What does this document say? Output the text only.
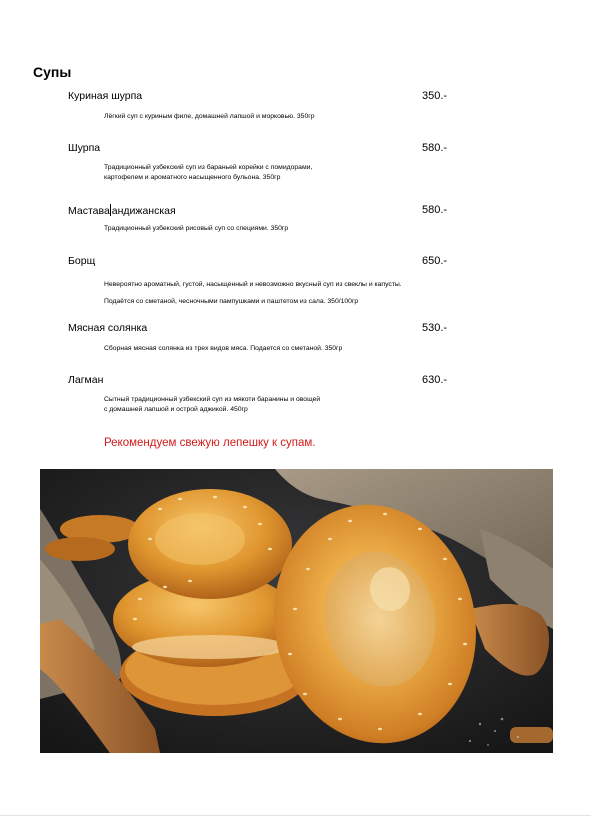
Супы
Куриная шурпа	350.-
Лёгкий суп с куриным филе, домашней лапшой и морковью. 350гр
Шурпа	580.-
Традиционный узбекский суп из бараньей корейки с помидорами,
картофелем и ароматного насыщенного бульона. 350гр
Мастава андижанская	580.-
Традиционный узбекский рисовый суп со специями. 350гр
Борщ	650.-
Невероятно ароматный, густой, насыщенный и невозможно вкусный суп из свеклы и капусты.
Подаётся со сметаной, чесночными пампушками и паштетом из сала. 350/100гр
Мясная солянка	530.-
Сборная мясная солянка из трех видов мяса. Подается со сметаной. 350гр
Лагман	630.-
Сытный традиционный узбекский суп из мякоти баранины и овощей
с домашней лапшой и острой аджикой. 450гр
Рекомендуем свежую лепешку к супам.
